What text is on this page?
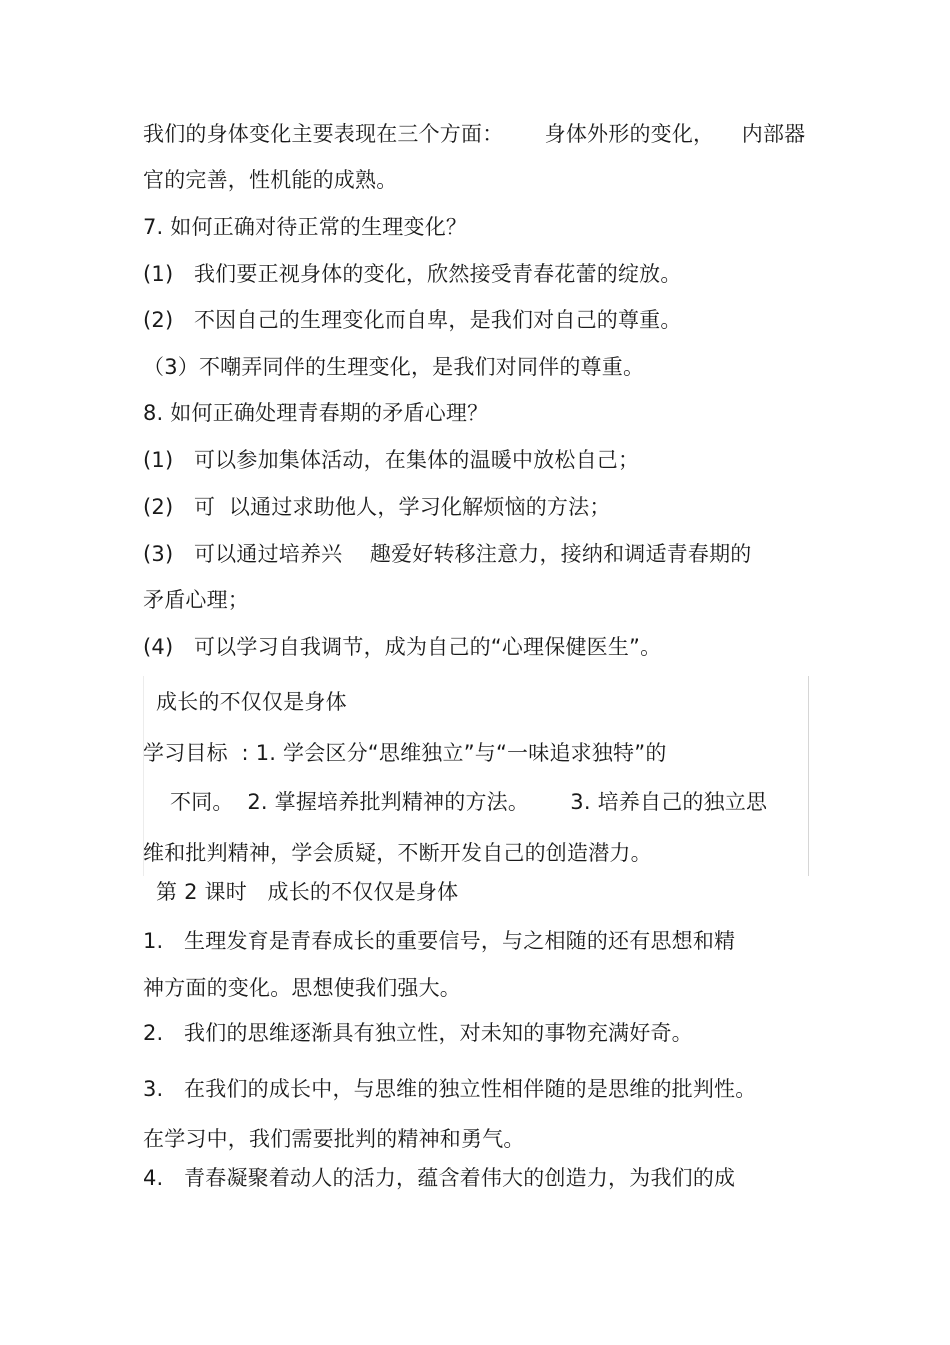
我们的身体变化主要表现在三个方面：      身体外形的变化，    内部器
官的完善，性机能的成熟。
7. 如何正确对待正常的生理变化？
(1)   我们要正视身体的变化，欣然接受青春花蕾的绽放。
(2)   不因自己的生理变化而自卑，是我们对自己的尊重。
（3）不嘲弄同伴的生理变化，是我们对同伴的尊重。
8. 如何正确处理青春期的矛盾心理？
(1)   可以参加集体活动，在集体的温暖中放松自己；
(2)   可  以通过求助他人，学习化解烦恼的方法；
(3)   可以通过培养兴    趣爱好转移注意力，接纳和调适青春期的
矛盾心理；
(4)   可以学习自我调节，成为自己的“心理保健医生”。
成长的不仅仅是身体
学习目标  : 1. 学会区分“思维独立”与“一味追求独特”的
不同。  2. 掌握培养批判精神的方法。      3. 培养自己的独立思
维和批判精神，学会质疑，不断开发自己的创造潜力。
第 2 课时   成长的不仅仅是身体
1.   生理发育是青春成长的重要信号，与之相随的还有思想和精
神方面的变化。思想使我们强大。
2.   我们的思维逐渐具有独立性，对未知的事物充满好奇。
3.   在我们的成长中，与思维的独立性相伴随的是思维的批判性。
在学习中，我们需要批判的精神和勇气。
4.   青春凝聚着动人的活力，蕴含着伟大的创造力，为我们的成
